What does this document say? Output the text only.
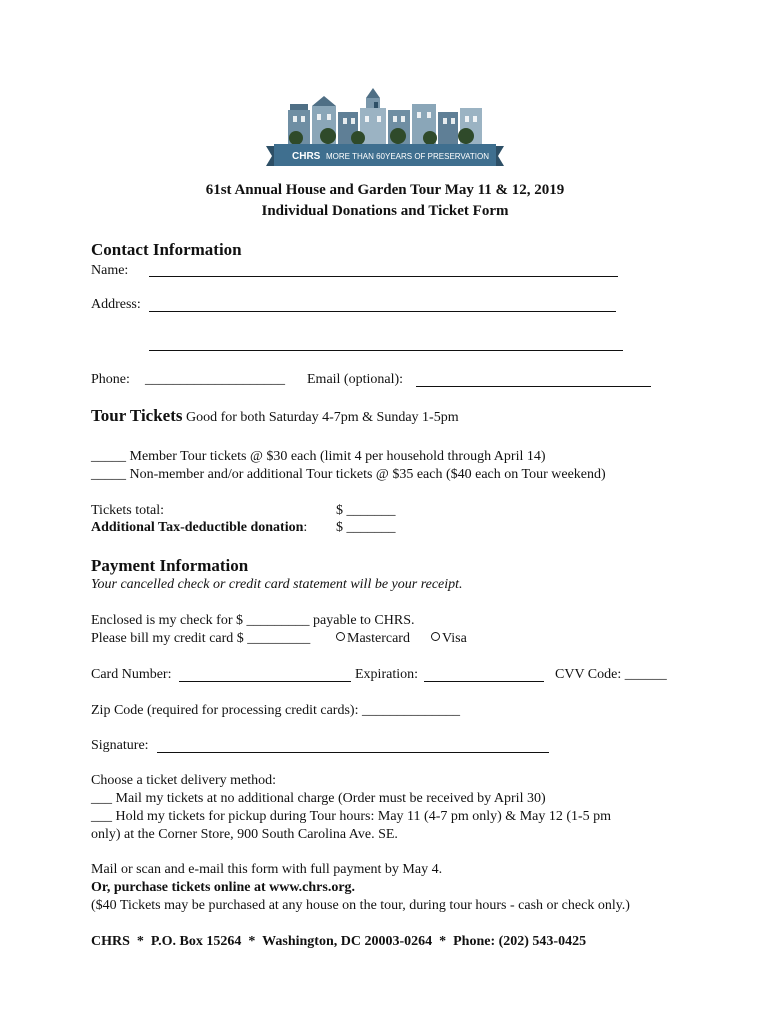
CHRS MORE THAN 60YEARS OF PRESERVATION
61st Annual House and Garden Tour May 11 & 12, 2019
Individual Donations and Ticket Form
Contact Information
Name:
Address:
Phone: ____________________ Email (optional):
Tour Tickets Good for both Saturday 4-7pm & Sunday 1-5pm
_____ Member Tour tickets @ $30 each (limit 4 per household through April 14)
_____ Non-member and/or additional Tour tickets @ $35 each ($40 each on Tour weekend)
Tickets total:	$ _______
Additional Tax-deductible donation: $ _______
Payment Information
Your cancelled check or credit card statement will be your receipt.
Enclosed is my check for $ _________ payable to CHRS.
Please bill my credit card $ _________	Mastercard	Visa
Card Number:	Expiration:	CVV Code: ______
Zip Code (required for processing credit cards): ______________
Signature:
Choose a ticket delivery method:
___ Mail my tickets at no additional charge (Order must be received by April 30)
___ Hold my tickets for pickup during Tour hours: May 11 (4-7 pm only) & May 12 (1-5 pm
only) at the Corner Store, 900 South Carolina Ave. SE.
Mail or scan and e-mail this form with full payment by May 4.
Or, purchase tickets online at www.chrs.org.
($40 Tickets may be purchased at any house on the tour, during tour hours - cash or check only.)
CHRS  *  P.O. Box 15264  *  Washington, DC 20003-0264  *  Phone: (202) 543-0425
